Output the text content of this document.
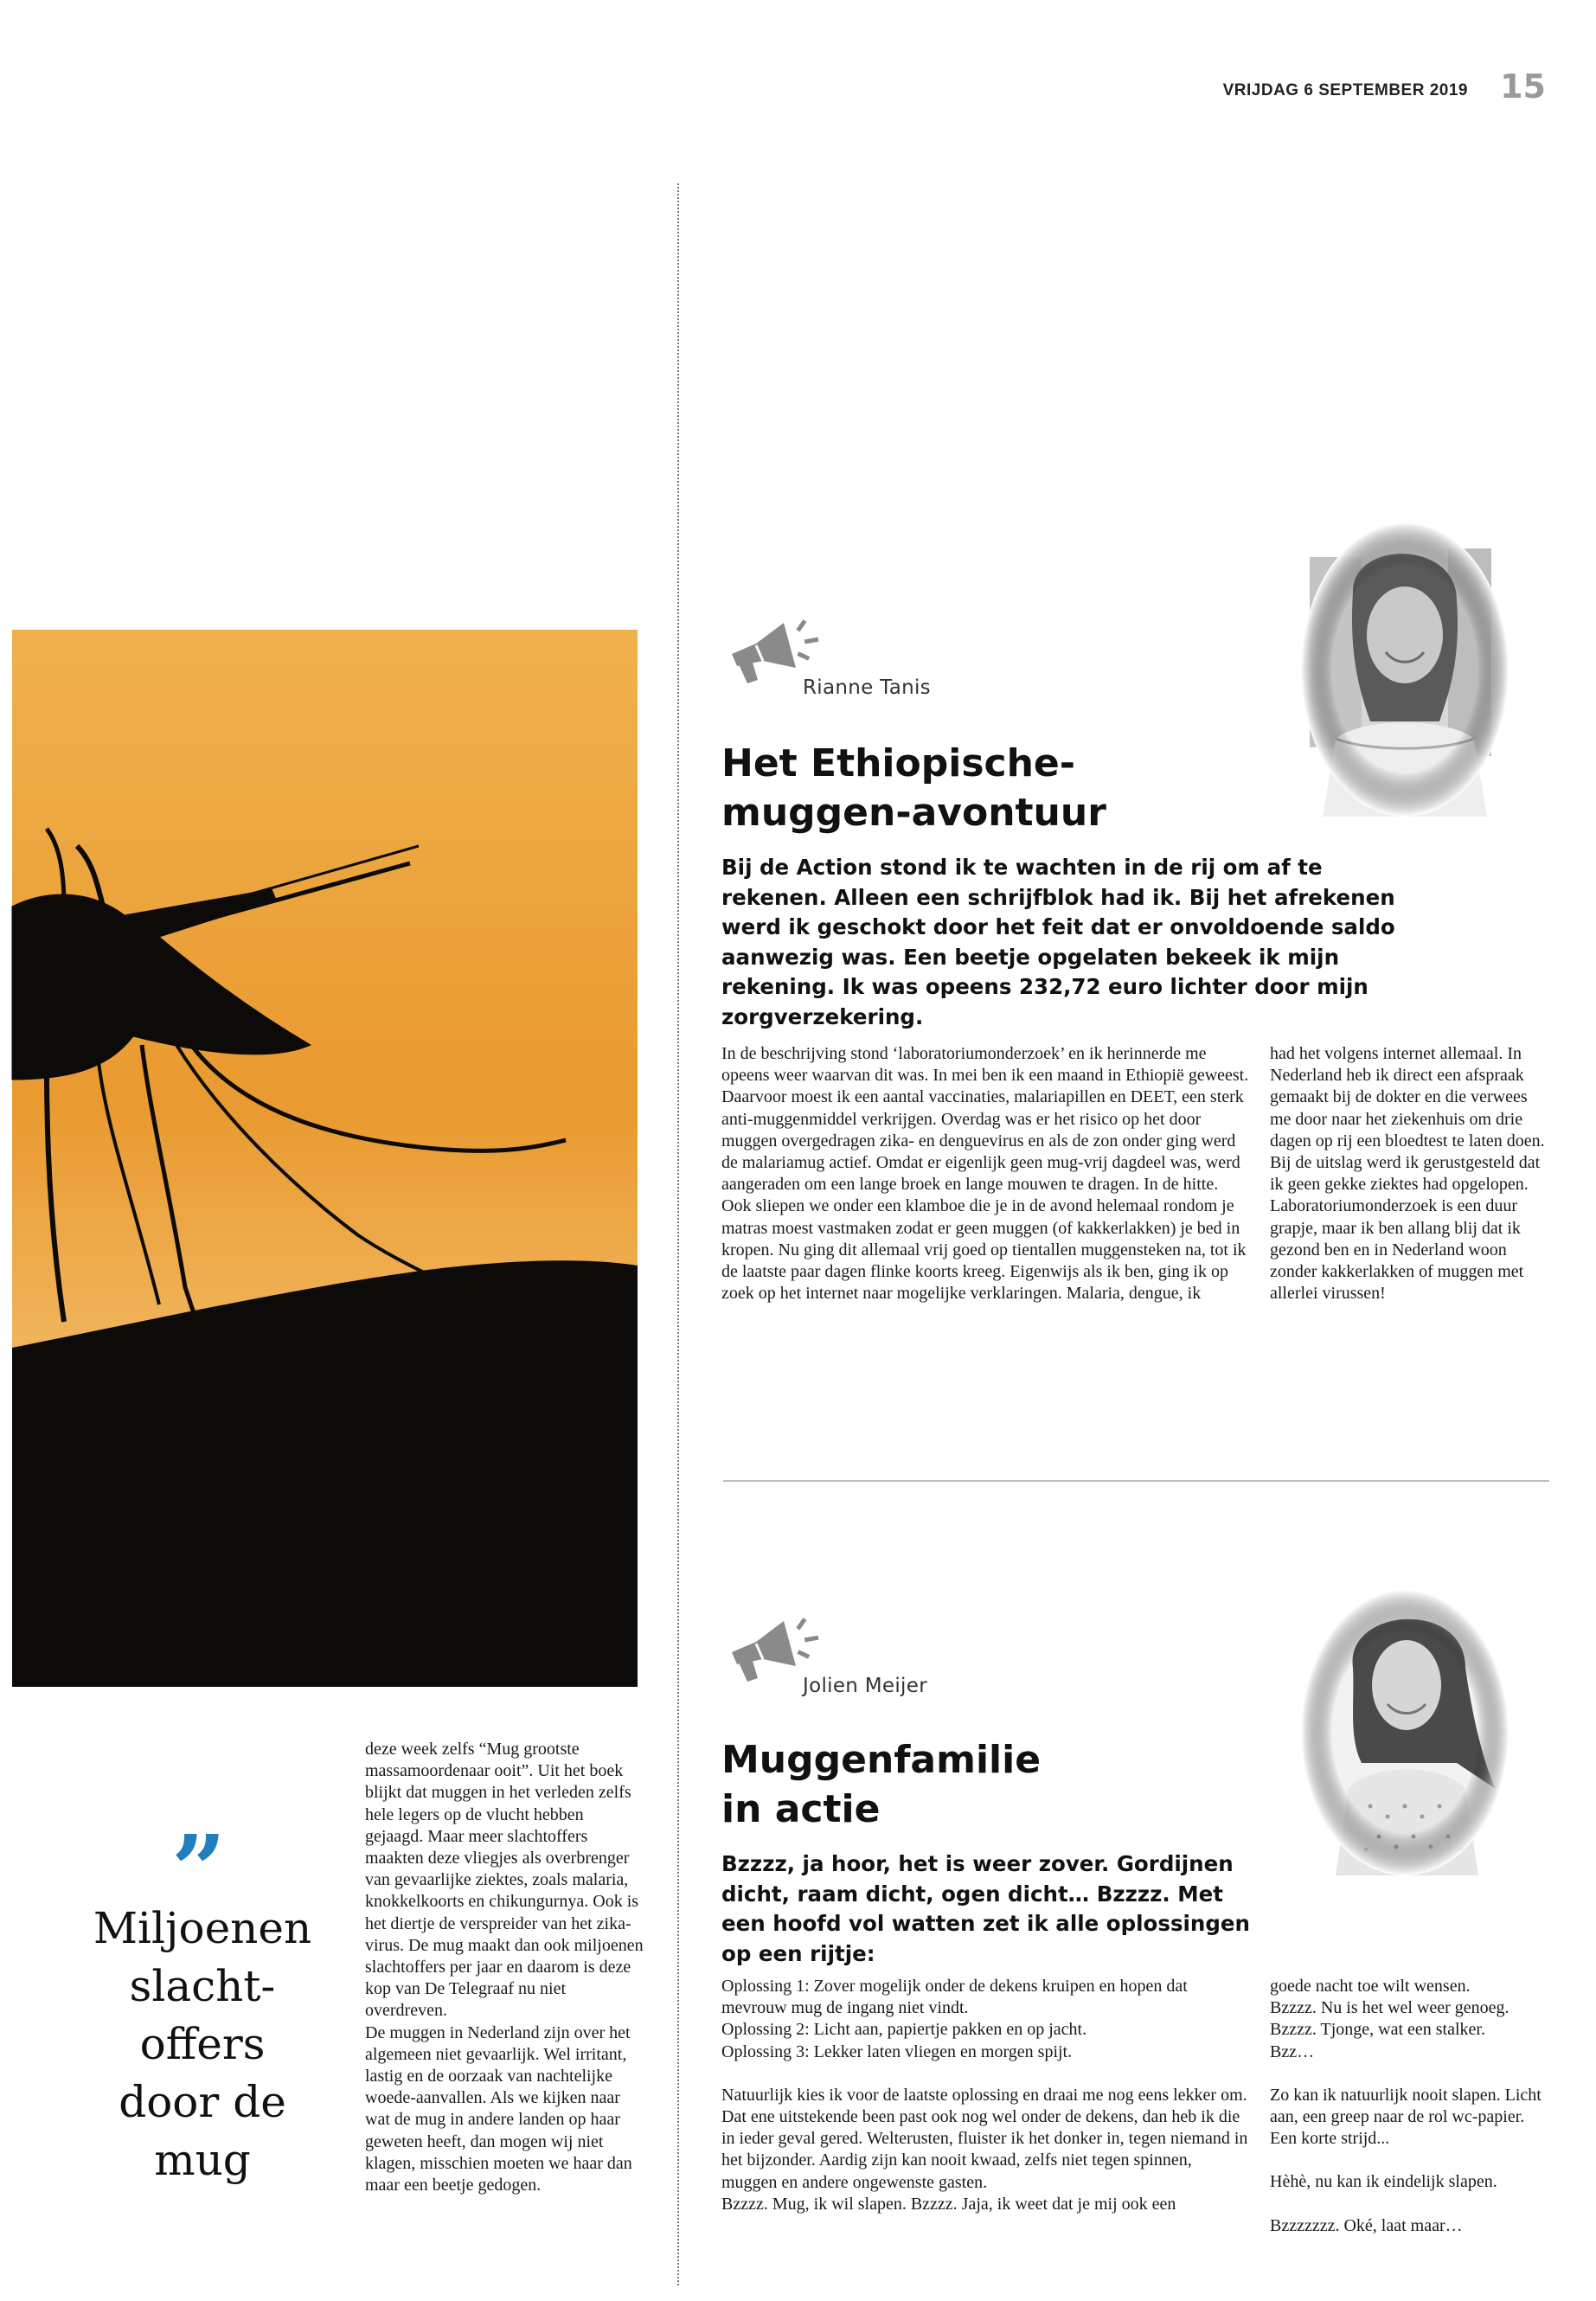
VRIJDAG 6 SEPTEMBER 2019 15
”
Miljoenen
slacht-
offers
door de
mug

deze week zelfs “Mug grootste massamoordenaar ooit”. Uit het boek blijkt dat muggen in het verleden zelfs hele legers op de vlucht hebben gejaagd. Maar meer slachtoffers maakten deze vliegjes als overbrenger van gevaarlijke ziektes, zoals malaria, knokkelkoorts en chikungurnya. Ook is het diertje de verspreider van het zika-virus. De mug maakt dan ook miljoenen slachtoffers per jaar en daarom is deze kop van De Telegraaf nu niet overdreven.
De muggen in Nederland zijn over het algemeen niet gevaarlijk. Wel irritant, lastig en de oorzaak van nachtelijke woede-aanvallen. Als we kijken naar wat de mug in andere landen op haar geweten heeft, dan mogen wij niet klagen, misschien moeten we haar dan maar een beetje gedogen.

Rianne Tanis
Het Ethiopische-
muggen-avontuur

Bij de Action stond ik te wachten in de rij om af te rekenen. Alleen een schrijfblok had ik. Bij het afrekenen werd ik geschokt door het feit dat er onvoldoende saldo aanwezig was. Een beetje opgelaten bekeek ik mijn rekening. Ik was opeens 232,72 euro lichter door mijn zorgverzekering.

In de beschrijving stond ‘laboratoriumonderzoek’ en ik herinnerde me opeens weer waarvan dit was. In mei ben ik een maand in Ethiopië geweest. Daarvoor moest ik een aantal vaccinaties, malariapillen en DEET, een sterk anti-muggenmiddel verkrijgen. Overdag was er het risico op het door muggen overgedragen zika- en denguevirus en als de zon onder ging werd de malariamug actief. Omdat er eigenlijk geen mug-vrij dagdeel was, werd aangeraden om een lange broek en lange mouwen te dragen. In de hitte. Ook sliepen we onder een klamboe die je in de avond helemaal rondom je matras moest vastmaken zodat er geen muggen (of kakkerlakken) je bed in kropen. Nu ging dit allemaal vrij goed op tientallen muggensteken na, tot ik de laatste paar dagen flinke koorts kreeg. Eigenwijs als ik ben, ging ik op zoek op het internet naar mogelijke verklaringen. Malaria, dengue, ik

had het volgens internet allemaal. In Nederland heb ik direct een afspraak gemaakt bij de dokter en die verwees me door naar het ziekenhuis om drie dagen op rij een bloedtest te laten doen. Bij de uitslag werd ik gerustgesteld dat ik geen gekke ziektes had opgelopen. Laboratoriumonderzoek is een duur grapje, maar ik ben allang blij dat ik gezond ben en in Nederland woon zonder kakkerlakken of muggen met allerlei virussen!

Jolien Meijer
Muggenfamilie
in actie

Bzzzz, ja hoor, het is weer zover. Gordijnen dicht, raam dicht, ogen dicht… Bzzzz. Met een hoofd vol watten zet ik alle oplossingen op een rijtje:

Oplossing 1: Zover mogelijk onder de dekens kruipen en hopen dat mevrouw mug de ingang niet vindt.
Oplossing 2: Licht aan, papiertje pakken en op jacht.
Oplossing 3: Lekker laten vliegen en morgen spijt.

Natuurlijk kies ik voor de laatste oplossing en draai me nog eens lekker om. Dat ene uitstekende been past ook nog wel onder de dekens, dan heb ik die in ieder geval gered. Welterusten, fluister ik het donker in, tegen niemand in het bijzonder. Aardig zijn kan nooit kwaad, zelfs niet tegen spinnen, muggen en andere ongewenste gasten.
Bzzzz. Mug, ik wil slapen. Bzzzz. Jaja, ik weet dat je mij ook een

goede nacht toe wilt wensen.
Bzzzz. Nu is het wel weer genoeg.
Bzzzz. Tjonge, wat een stalker.
Bzz…

Zo kan ik natuurlijk nooit slapen. Licht aan, een greep naar de rol wc-papier. Een korte strijd...

Hèhè, nu kan ik eindelijk slapen.

Bzzzzzzz. Oké, laat maar…
